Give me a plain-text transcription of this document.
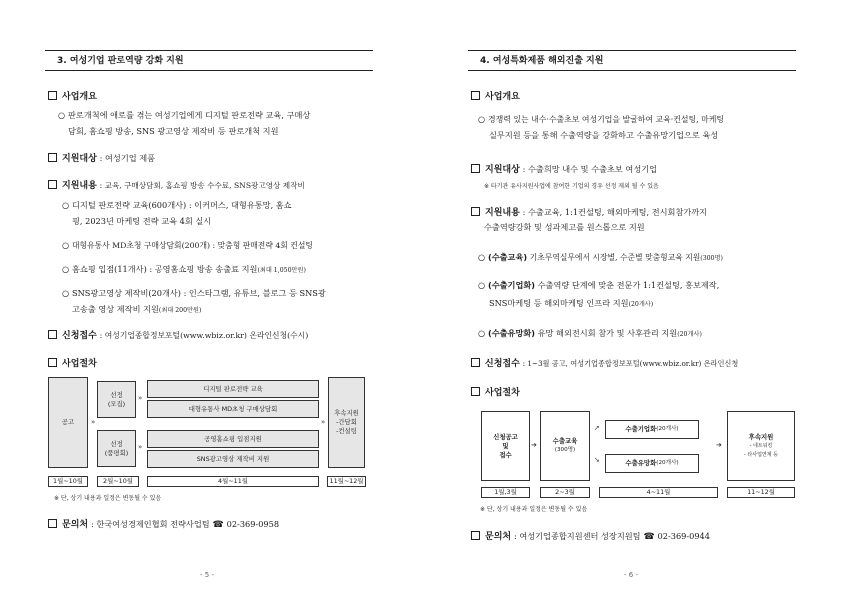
3. 여성기업 판로역량 강화 지원
사업개요
○ 판로개척에 애로를 겪는 여성기업에게 디지털 판로전략 교육, 구매상
담회, 홈쇼핑 방송, SNS 광고영상 제작비 등 판로개척 지원
지원대상 : 여성기업 제품
지원내용 : 교육, 구매상담회, 홈쇼핑 방송 수수료, SNS광고영상 제작비
○ 디지털 판로전략 교육(600개사) : 이커머스, 대형유통망, 홈쇼
핑, 2023년 마케팅 전략 교육 4회 실시
○ 대형유통사 MD초청 구매상담회(200개) : 맞춤형 판매전략 4회 컨설팅
○ 홈쇼핑 입점(11개사) : 공영홈쇼핑 방송 송출료 지원(최대 1,050만원)
○ SNS광고영상 제작비(20개사) : 인스타그램, 유튜브, 블로그 등 SNS광
고송출 영상 제작비 지원(최대 200만원)
신청접수 : 여성기업종합정보포털(www.wbiz.or.kr) 온라인신청(수시)
사업절차
공고	»
선정
(모집)
선정
(품평회)
»
»
디지털 판로전략 교육
대형유통사 MD초청 구매상담회
공영홈쇼핑 입점지원
SNS광고영상 제작비 지원
»
후속지원
-간담회
-컨설팅
1월~10월	2월~10월	4월~11월	11월~12월
※ 단, 상기 내용과 일정은 변동될 수 있음
문의처 : 한국여성경제인협회 전략사업팀 ☎ 02-369-0958
- 5 -
4. 여성특화제품 해외진출 지원
사업개요
○ 경쟁력 있는 내수·수출초보 여성기업을 발굴하여 교육·컨설팅, 마케팅
실무지원 등을 통해 수출역량을 강화하고 수출유망기업으로 육성
지원대상 : 수출희망 내수 및 수출초보 여성기업
※ 타기관 유사지원사업에 참여한 기업의 경우 선정 제외 될 수 있음
지원내용 : 수출교육, 1:1컨설팅, 해외마케팅, 전시회참가까지
수출역량강화 및 성과제고를 원스톱으로 지원
○ (수출교육) 기초무역실무에서 시장별, 수준별 맞춤형교육 지원(300명)
○ (수출기업화) 수출역량 단계에 맞춘 전문가 1:1컨설팅, 홍보제작,
SNS마케팅 등 해외마케팅 인프라 지원(20개사)
○ (수출유망화) 유망 해외전시회 참가 및 사후관리 지원(20개사)
신청접수 : 1~3월 공고, 여성기업종합정보포털(www.wbiz.or.kr) 온라인신청
사업절차
신청공고
및
접수
➔ 수출교육
(300명)
➚
➘
수출기업화 (20개사)
수출유망화 (20개사)
➔
후속지원
- 네트워킹
- 타사업연계 등
1월,3월	2~3월	4~11월	11~12월
※ 단, 상기 내용과 일정은 변동될 수 있음
문의처 : 여성기업종합지원센터 성장지원팀 ☎ 02-369-0944
- 6 -
